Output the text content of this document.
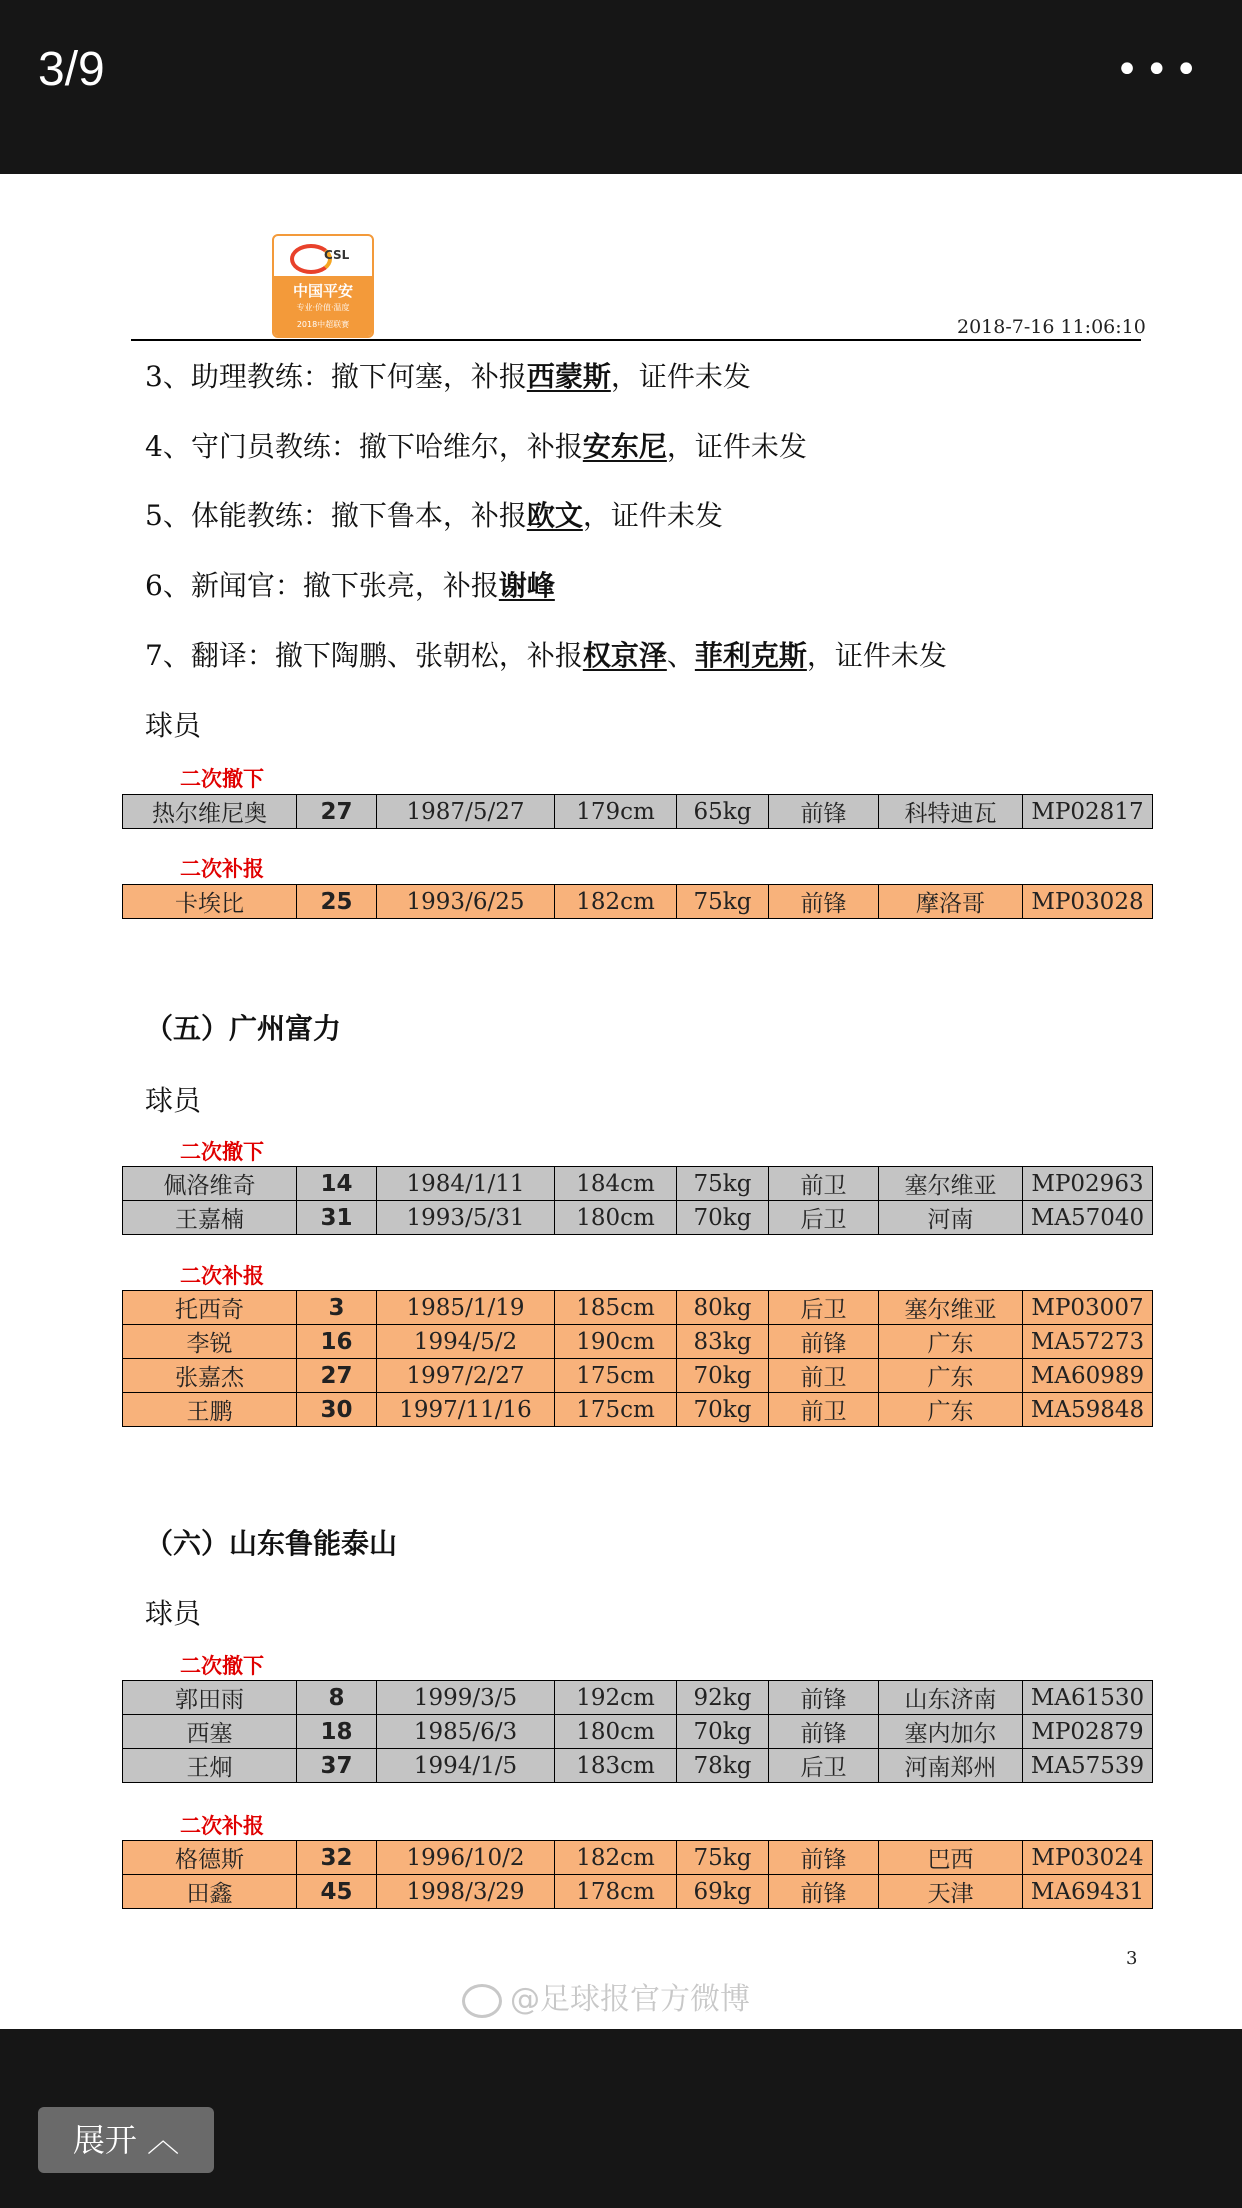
3/9	•••
CSL
中国平安
专业·价值·温度
2018中超联赛	2018-7-16 11:06:10
3、助理教练：撤下何塞，补报西蒙斯，证件未发
4、守门员教练：撤下哈维尔，补报安东尼，证件未发
5、体能教练：撤下鲁本，补报欧文，证件未发
6、新闻官：撤下张亮，补报谢峰
7、翻译：撤下陶鹏、张朝松，补报权京泽、菲利克斯，证件未发
球员
二次撤下
热尔维尼奥	27	1987/5/27	179cm	65kg	前锋	科特迪瓦	MP02817
二次补报
卡埃比	25	1993/6/25	182cm	75kg	前锋	摩洛哥	MP03028
（五）广州富力
球员
二次撤下
佩洛维奇	14	1984/1/11	184cm	75kg	前卫	塞尔维亚	MP02963
王嘉楠	31	1993/5/31	180cm	70kg	后卫	河南	MA57040
二次补报
托西奇	3	1985/1/19	185cm	80kg	后卫	塞尔维亚	MP03007
李锐	16	1994/5/2	190cm	83kg	前锋	广东	MA57273
张嘉杰	27	1997/2/27	175cm	70kg	前卫	广东	MA60989
王鹏	30	1997/11/16	175cm	70kg	前卫	广东	MA59848
（六）山东鲁能泰山
球员
二次撤下
郭田雨	8	1999/3/5	192cm	92kg	前锋	山东济南	MA61530
西塞	18	1985/6/3	180cm	70kg	前锋	塞内加尔	MP02879
王炯	37	1994/1/5	183cm	78kg	后卫	河南郑州	MA57539
二次补报
格德斯	32	1996/10/2	182cm	75kg	前锋	巴西	MP03024
田鑫	45	1998/3/29	178cm	69kg	前锋	天津	MA69431
3
@足球报官方微博
展开 ︿
